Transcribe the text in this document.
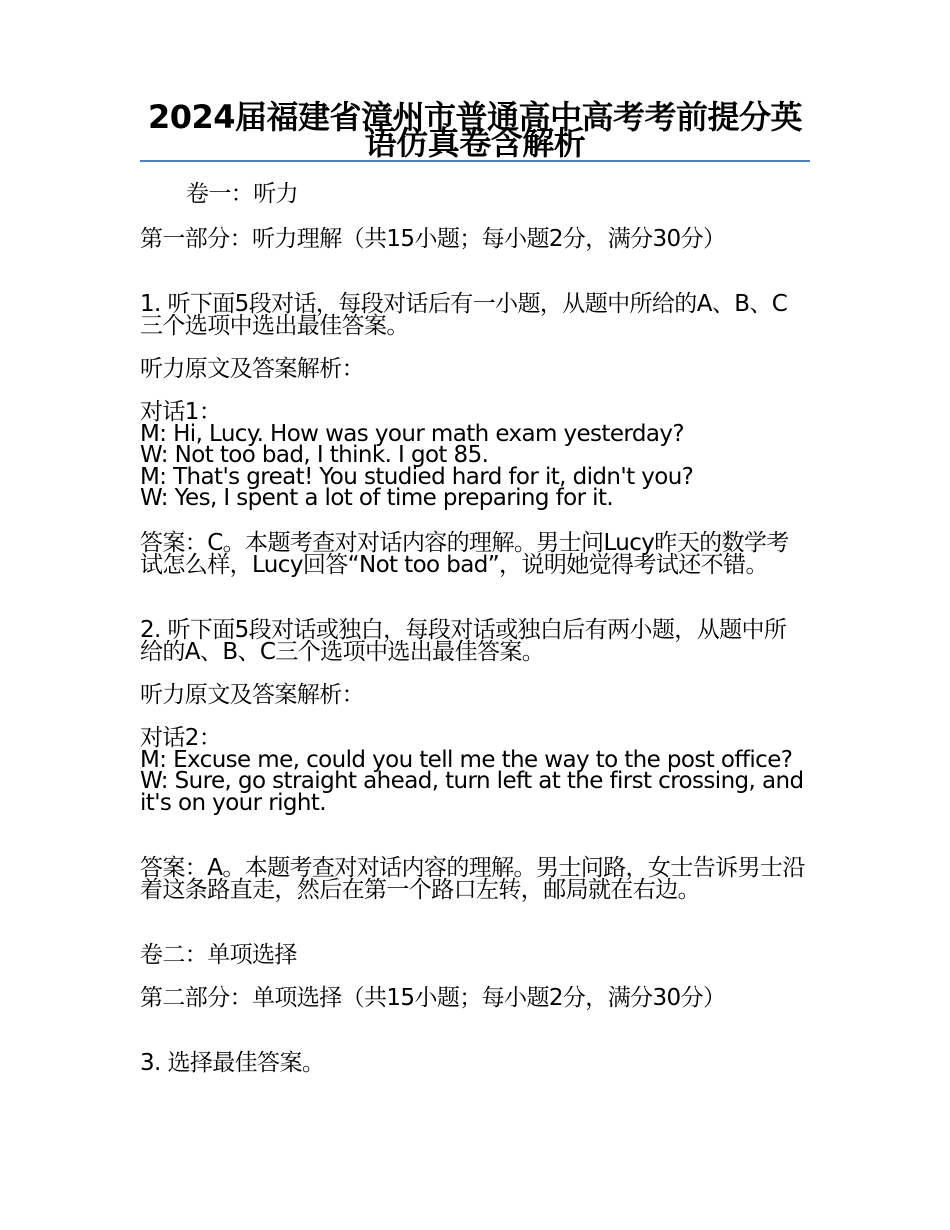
2024届福建省漳州市普通高中高考考前提分英语仿真卷含解析

卷一：听力

第一部分：听力理解（共15小题；每小题2分，满分30分）

1. 听下面5段对话，每段对话后有一小题，从题中所给的A、B、C三个选项中选出最佳答案。

听力原文及答案解析：

对话1：
M: Hi, Lucy. How was your math exam yesterday?
W: Not too bad, I think. I got 85.
M: That's great! You studied hard for it, didn't you?
W: Yes, I spent a lot of time preparing for it.

答案：C。本题考查对对话内容的理解。男士问Lucy昨天的数学考试怎么样，Lucy回答“Not too bad”，说明她觉得考试还不错。

2. 听下面5段对话或独白，每段对话或独白后有两小题，从题中所给的A、B、C三个选项中选出最佳答案。

听力原文及答案解析：

对话2：
M: Excuse me, could you tell me the way to the post office?
W: Sure, go straight ahead, turn left at the first crossing, and it's on your right.

答案：A。本题考查对对话内容的理解。男士问路，女士告诉男士沿着这条路直走，然后在第一个路口左转，邮局就在右边。

卷二：单项选择

第二部分：单项选择（共15小题；每小题2分，满分30分）

3. 选择最佳答案。
